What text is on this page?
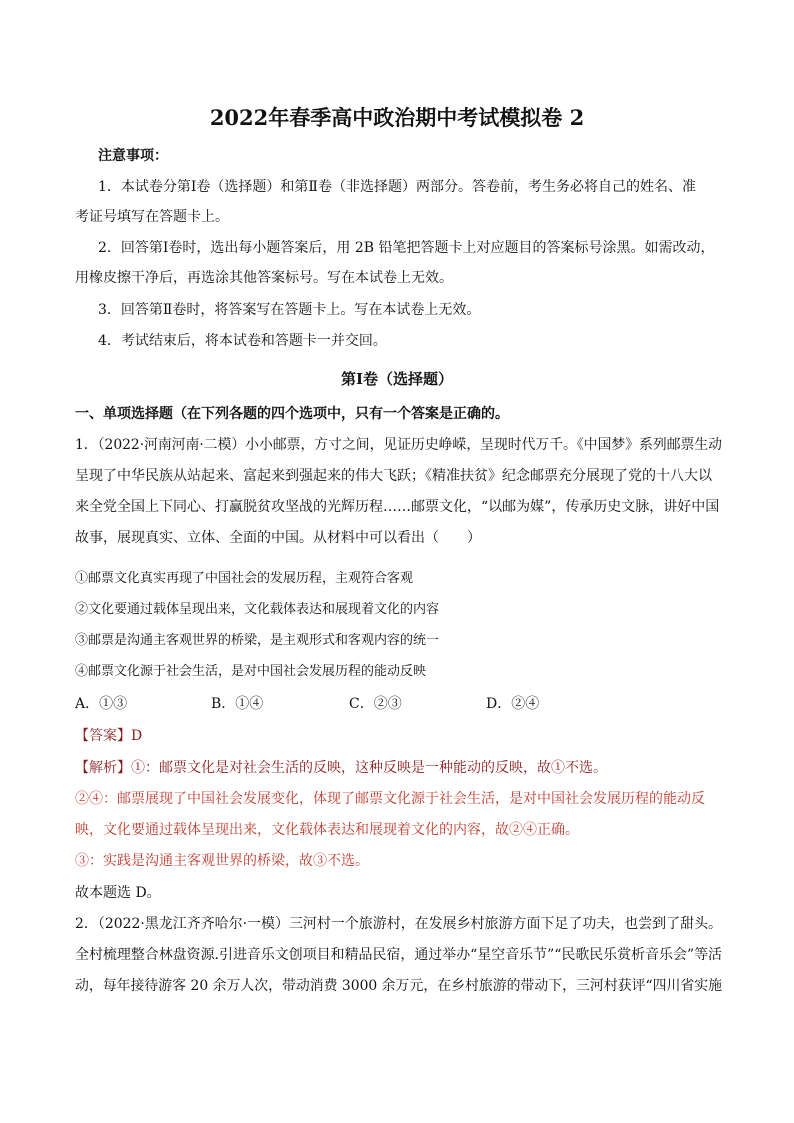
2022年春季高中政治期中考试模拟卷 2
注意事项：
1．本试卷分第Ⅰ卷（选择题）和第Ⅱ卷（非选择题）两部分。答卷前，考生务必将自己的姓名、准
考证号填写在答题卡上。
2．回答第Ⅰ卷时，选出每小题答案后，用 2B 铅笔把答题卡上对应题目的答案标号涂黑。如需改动，
用橡皮擦干净后，再选涂其他答案标号。写在本试卷上无效。
3．回答第Ⅱ卷时，将答案写在答题卡上。写在本试卷上无效。
4．考试结束后，将本试卷和答题卡一并交回。
第Ⅰ卷（选择题）
一、单项选择题（在下列各题的四个选项中，只有一个答案是正确的。
1．（2022·河南河南·二模）小小邮票，方寸之间，见证历史峥嵘，呈现时代万千。《中国梦》系列邮票生动
呈现了中华民族从站起来、富起来到强起来的伟大飞跃；《精准扶贫》纪念邮票充分展现了党的十八大以
来全党全国上下同心、打赢脱贫攻坚战的光辉历程……邮票文化，“以邮为媒”，传承历史文脉，讲好中国
故事，展现真实、立体、全面的中国。从材料中可以看出（　　）
①邮票文化真实再现了中国社会的发展历程，主观符合客观
②文化要通过载体呈现出来，文化载体表达和展现着文化的内容
③邮票是沟通主客观世界的桥梁，是主观形式和客观内容的统一
④邮票文化源于社会生活，是对中国社会发展历程的能动反映
A．①③	B．①④	C．②③	D．②④
【答案】D
【解析】①：邮票文化是对社会生活的反映，这种反映是一种能动的反映，故①不选。
②④：邮票展现了中国社会发展变化，体现了邮票文化源于社会生活，是对中国社会发展历程的能动反
映，文化要通过载体呈现出来，文化载体表达和展现着文化的内容，故②④正确。
③：实践是沟通主客观世界的桥梁，故③不选。
故本题选 D。
2．（2022·黑龙江齐齐哈尔·一模）三河村一个旅游村，在发展乡村旅游方面下足了功夫，也尝到了甜头。
全村梳理整合林盘资源.引进音乐文创项目和精品民宿，通过举办“星空音乐节”“民歌民乐赏析音乐会”等活
动，每年接待游客 20 余万人次，带动消费 3000 余万元，在乡村旅游的带动下，三河村获评“四川省实施
